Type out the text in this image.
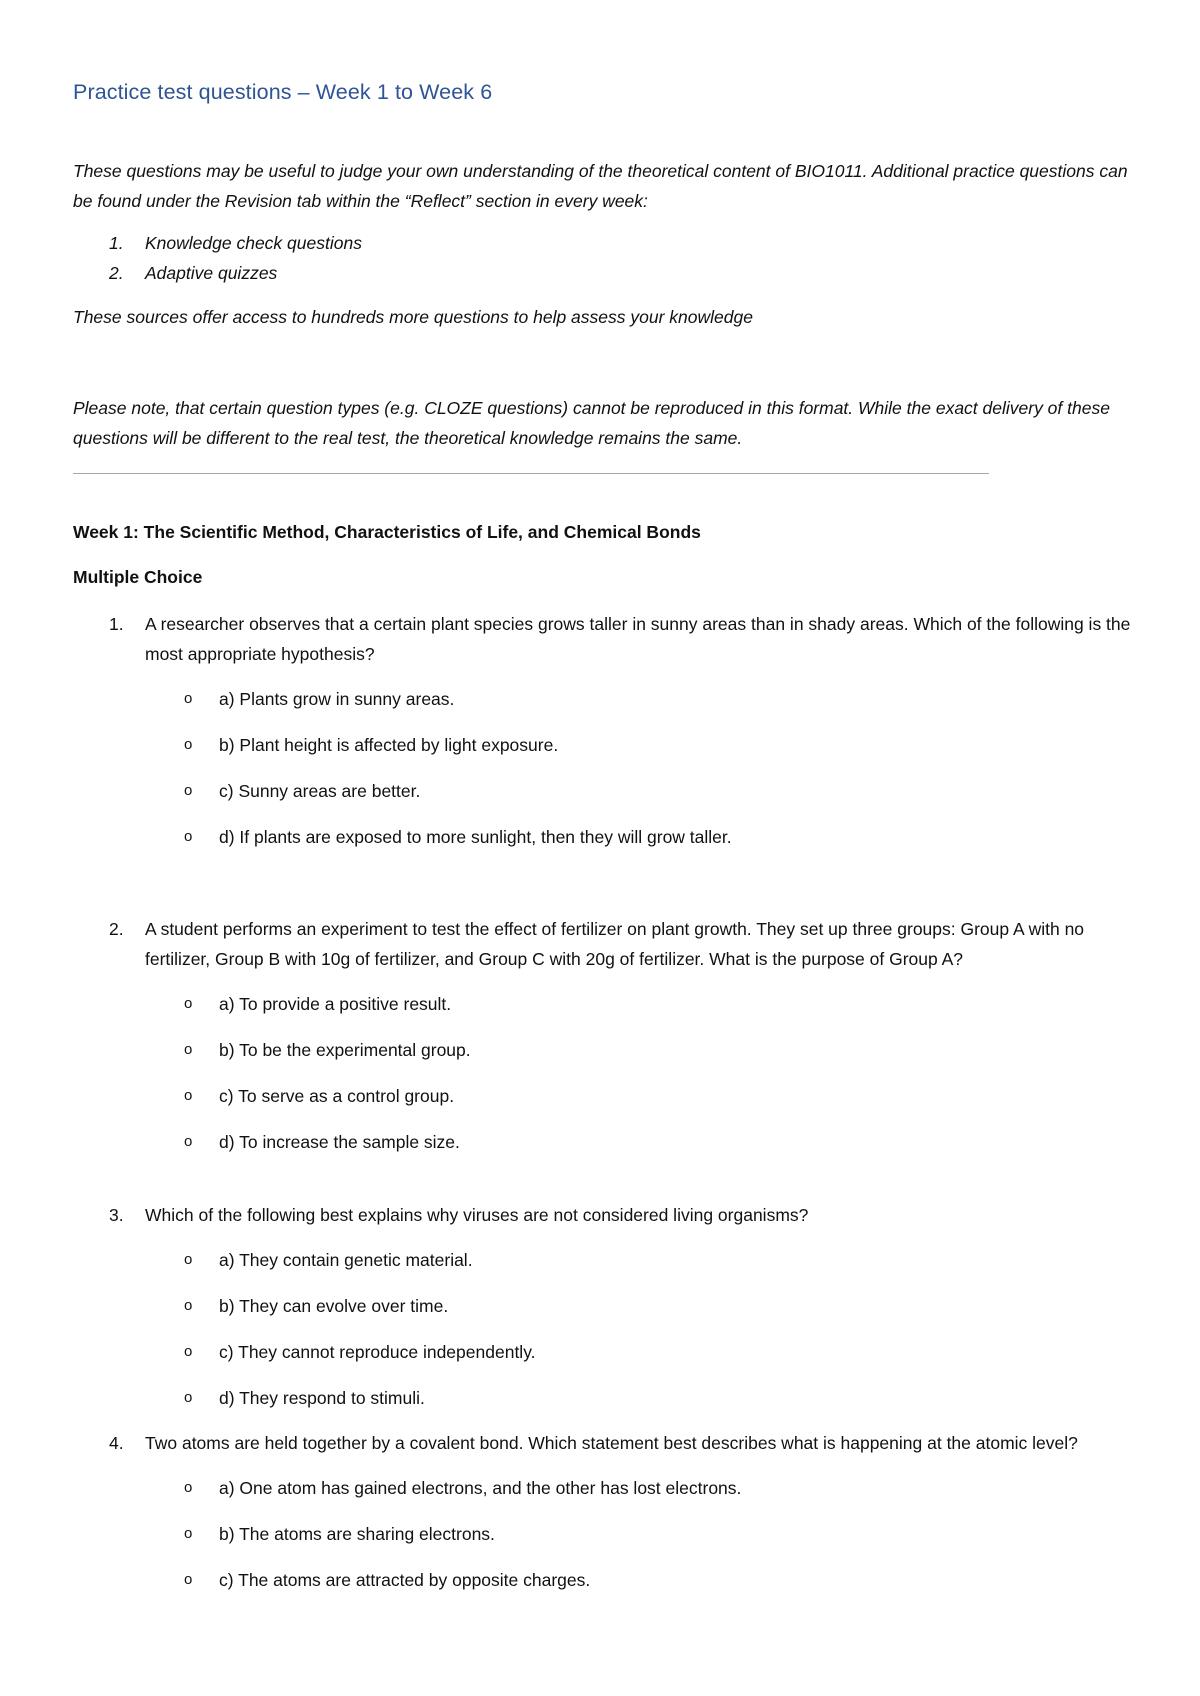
Practice test questions – Week 1 to Week 6

These questions may be useful to judge your own understanding of the theoretical content of BIO1011. Additional practice questions can be found under the Revision tab within the “Reflect” section in every week:

1. Knowledge check questions
2. Adaptive quizzes

These sources offer access to hundreds more questions to help assess your knowledge

Please note, that certain question types (e.g. CLOZE questions) cannot be reproduced in this format. While the exact delivery of these questions will be different to the real test, the theoretical knowledge remains the same.

Week 1: The Scientific Method, Characteristics of Life, and Chemical Bonds
Multiple Choice
1. A researcher observes that a certain plant species grows taller in sunny areas than in shady areas. Which of the following is the most appropriate hypothesis?
o a) Plants grow in sunny areas.
o b) Plant height is affected by light exposure.
o c) Sunny areas are better.
o d) If plants are exposed to more sunlight, then they will grow taller.
2. A student performs an experiment to test the effect of fertilizer on plant growth. They set up three groups: Group A with no fertilizer, Group B with 10g of fertilizer, and Group C with 20g of fertilizer. What is the purpose of Group A?
o a) To provide a positive result.
o b) To be the experimental group.
o c) To serve as a control group.
o d) To increase the sample size.
3. Which of the following best explains why viruses are not considered living organisms?
o a) They contain genetic material.
o b) They can evolve over time.
o c) They cannot reproduce independently.
o d) They respond to stimuli.
4. Two atoms are held together by a covalent bond. Which statement best describes what is happening at the atomic level?
o a) One atom has gained electrons, and the other has lost electrons.
o b) The atoms are sharing electrons.
o c) The atoms are attracted by opposite charges.
